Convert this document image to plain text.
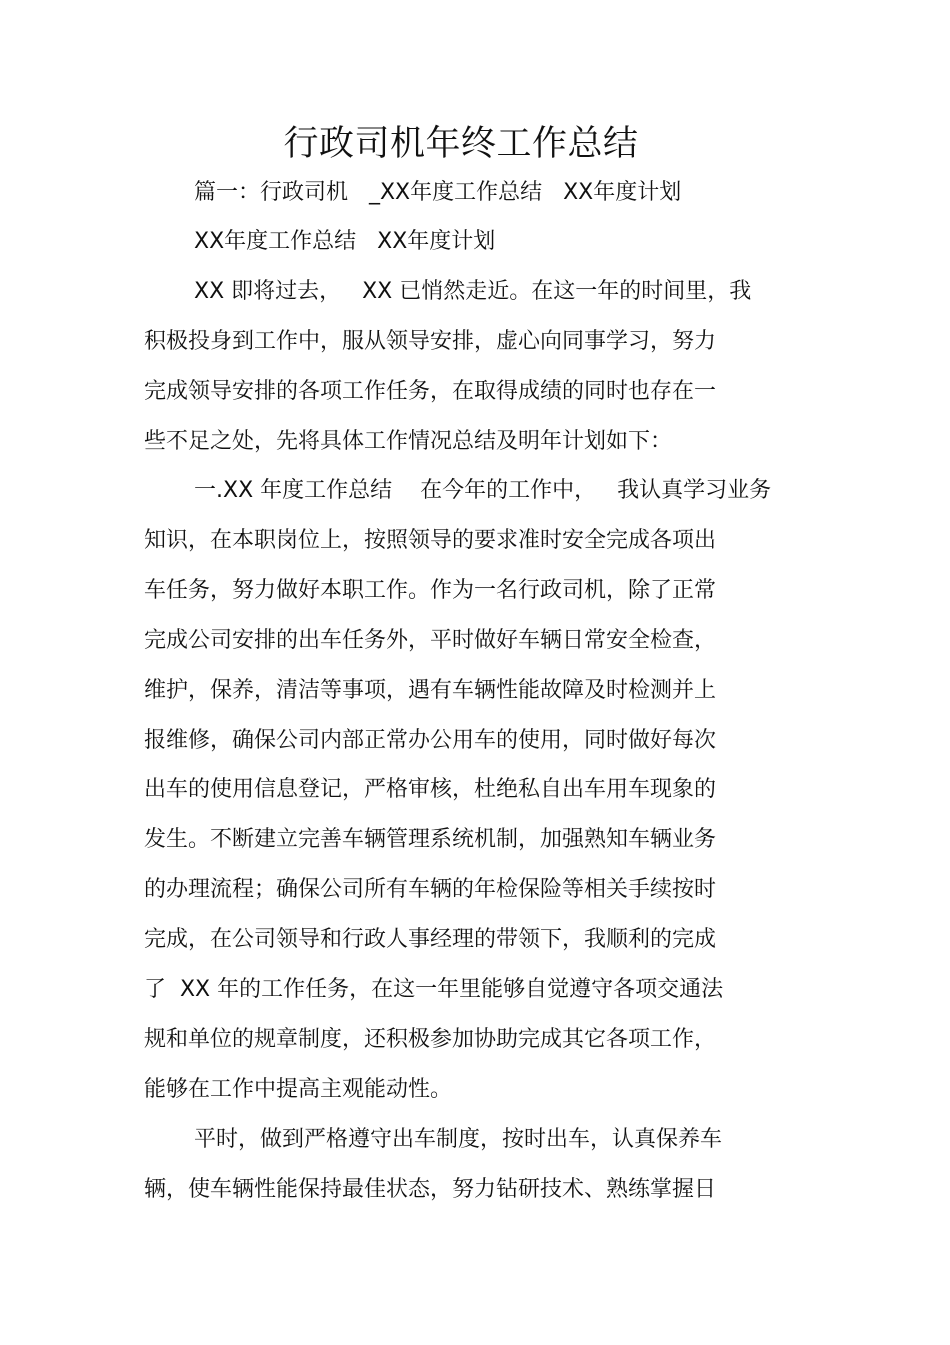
行政司机年终工作总结
篇一：行政司机   _XX年度工作总结   XX年度计划
XX年度工作总结   XX年度计划
XX 即将过去，   XX 已悄然走近。在这一年的时间里，我
积极投身到工作中，服从领导安排，虚心向同事学习，努力
完成领导安排的各项工作任务，在取得成绩的同时也存在一
些不足之处，先将具体工作情况总结及明年计划如下：
一.XX 年度工作总结    在今年的工作中，   我认真学习业务
知识，在本职岗位上，按照领导的要求准时安全完成各项出
车任务，努力做好本职工作。作为一名行政司机，除了正常
完成公司安排的出车任务外，平时做好车辆日常安全检查，
维护，保养，清洁等事项，遇有车辆性能故障及时检测并上
报维修，确保公司内部正常办公用车的使用，同时做好每次
出车的使用信息登记，严格审核，杜绝私自出车用车现象的
发生。不断建立完善车辆管理系统机制，加强熟知车辆业务
的办理流程；确保公司所有车辆的年检保险等相关手续按时
完成，在公司领导和行政人事经理的带领下，我顺利的完成
了  XX 年的工作任务，在这一年里能够自觉遵守各项交通法
规和单位的规章制度，还积极参加协助完成其它各项工作，
能够在工作中提高主观能动性。
平时，做到严格遵守出车制度，按时出车，认真保养车
辆，使车辆性能保持最佳状态，努力钻研技术、熟练掌握日
